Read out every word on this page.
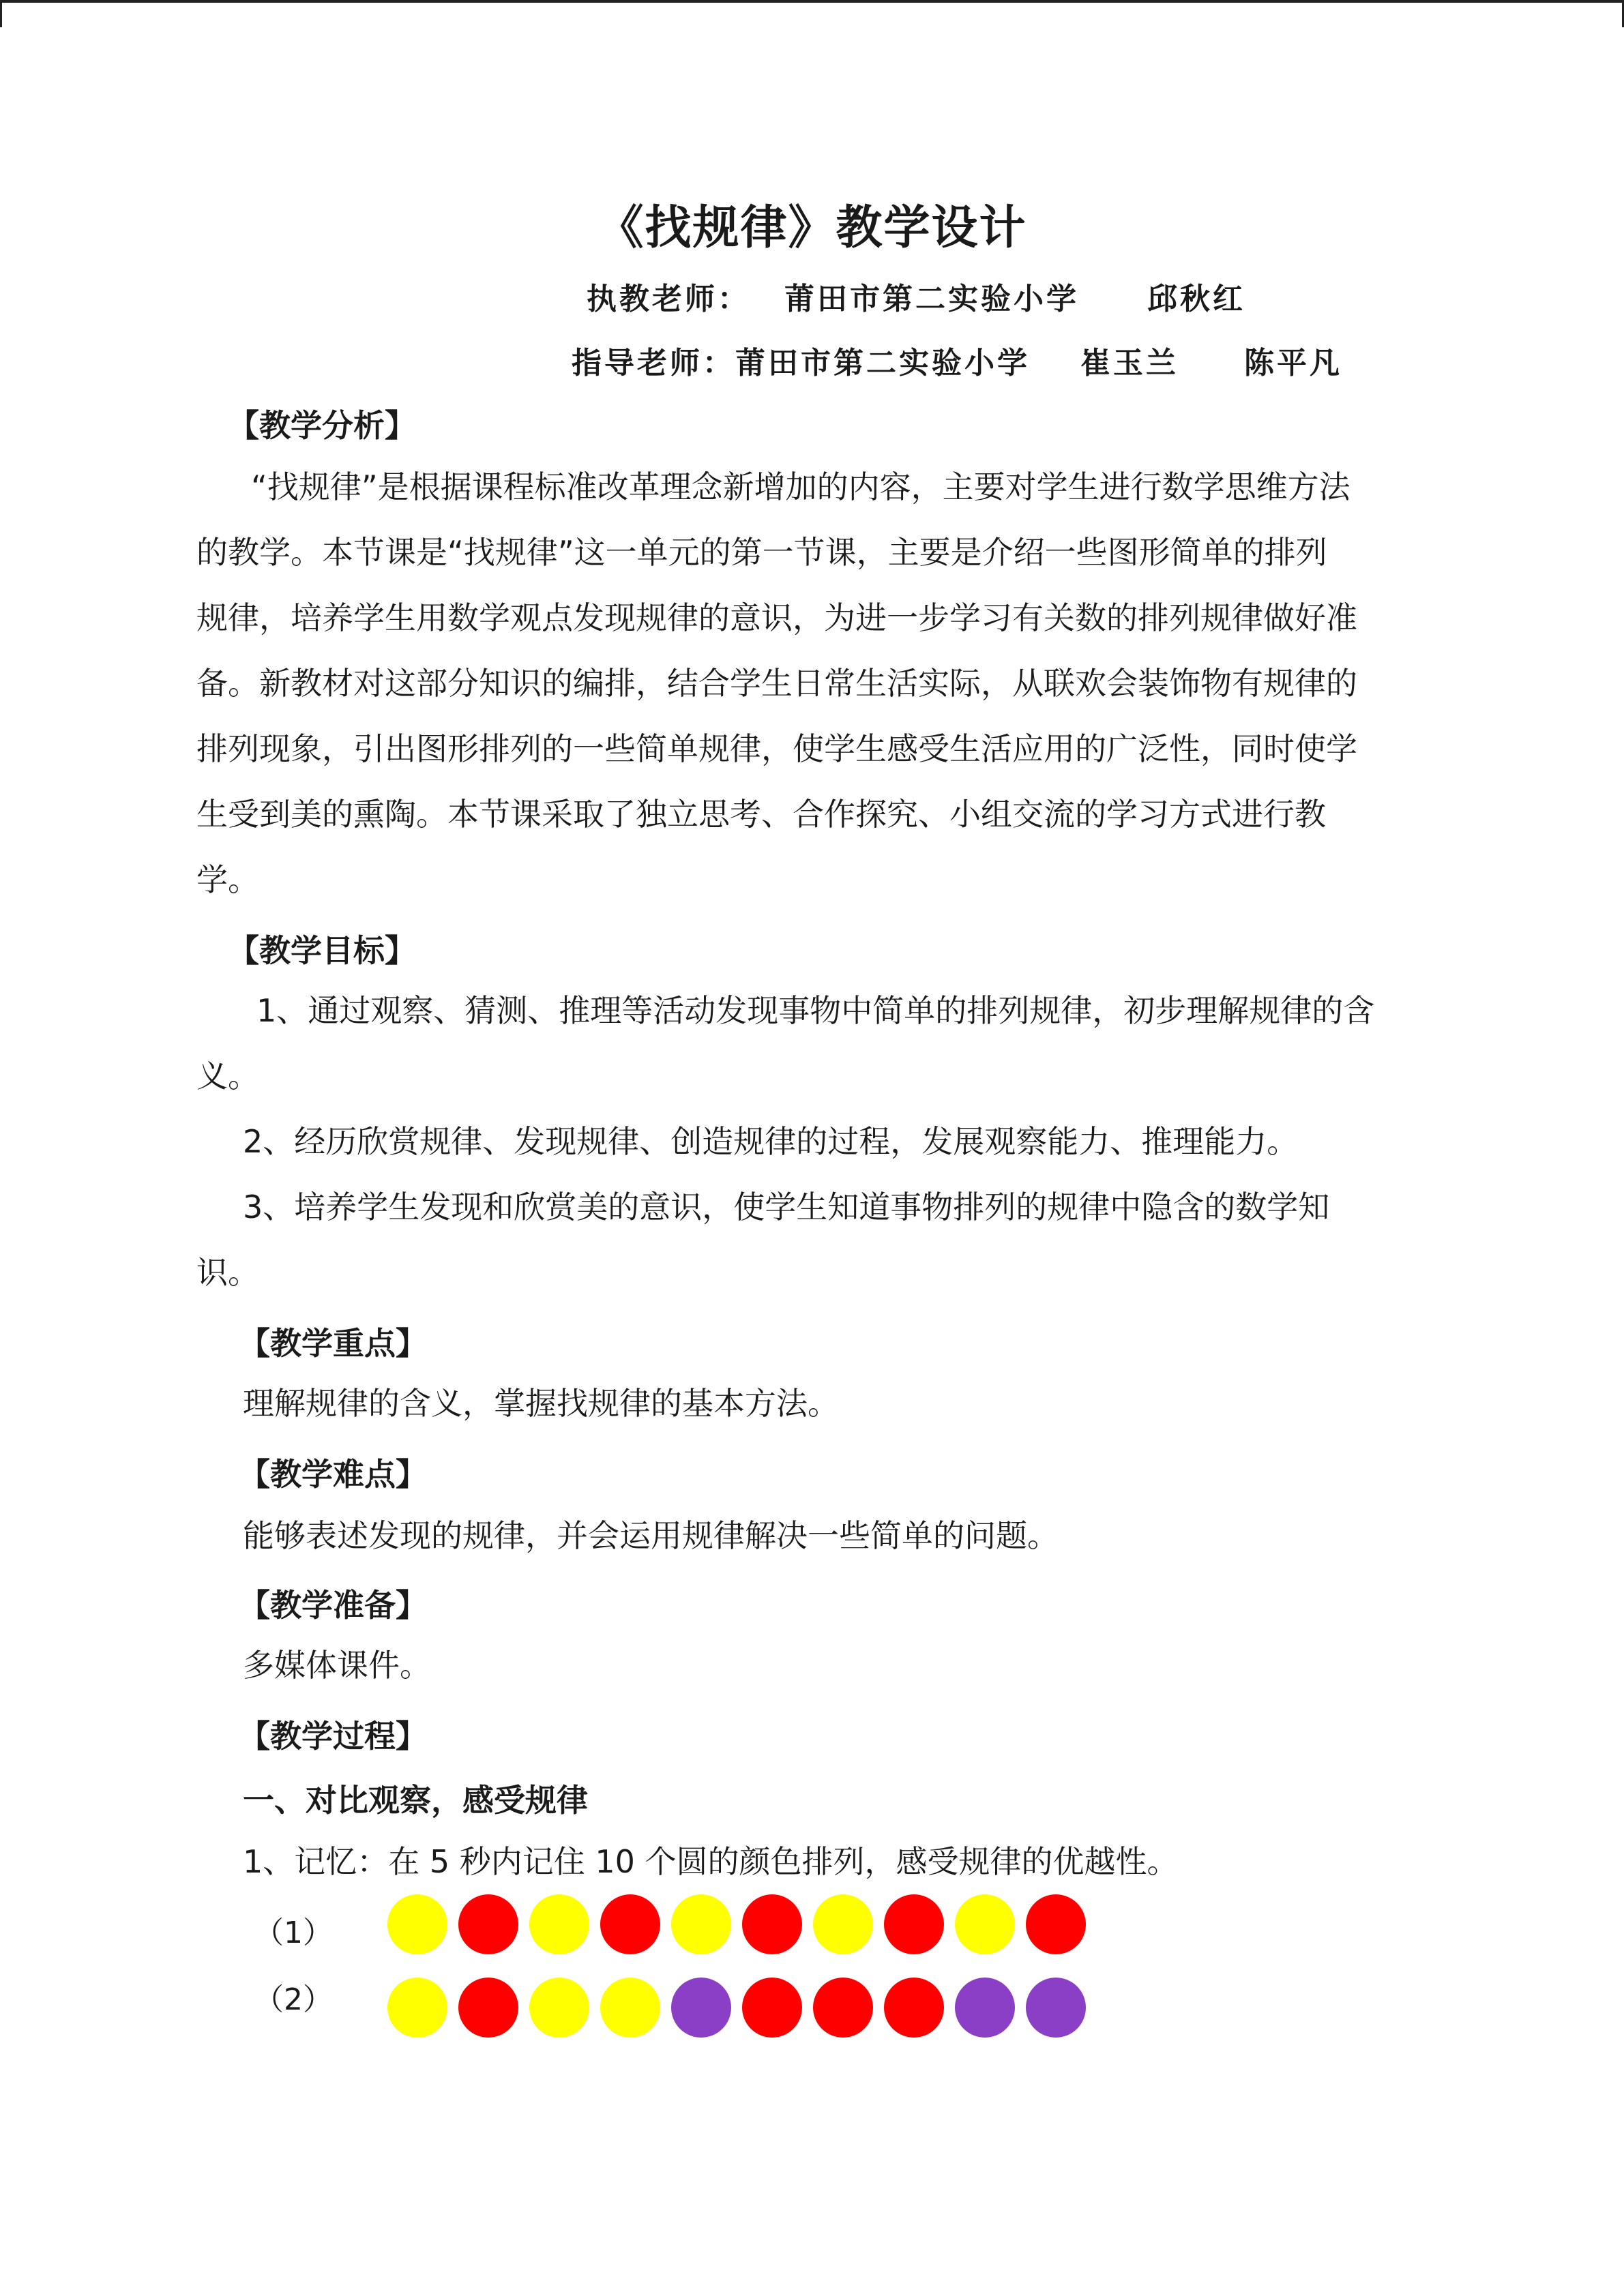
《找规律》教学设计
执教老师： 莆田市第二实验小学 邱秋红
指导老师：莆田市第二实验小学 崔玉兰 陈平凡
【教学分析】
“找规律”是根据课程标准改革理念新增加的内容，主要对学生进行数学思维方法
的教学。本节课是“找规律”这一单元的第一节课，主要是介绍一些图形简单的排列
规律，培养学生用数学观点发现规律的意识，为进一步学习有关数的排列规律做好准
备。新教材对这部分知识的编排，结合学生日常生活实际，从联欢会装饰物有规律的
排列现象，引出图形排列的一些简单规律，使学生感受生活应用的广泛性，同时使学
生受到美的熏陶。本节课采取了独立思考、合作探究、小组交流的学习方式进行教
学。
【教学目标】
1、通过观察、猜测、推理等活动发现事物中简单的排列规律，初步理解规律的含
义。
2、经历欣赏规律、发现规律、创造规律的过程，发展观察能力、推理能力。
3、培养学生发现和欣赏美的意识，使学生知道事物排列的规律中隐含的数学知
识。
【教学重点】
理解规律的含义，掌握找规律的基本方法。
【教学难点】
能够表述发现的规律，并会运用规律解决一些简单的问题。
【教学准备】
多媒体课件。
【教学过程】
一、对比观察，感受规律
1、记忆：在 5 秒内记住 10 个圆的颜色排列，感受规律的优越性。
（1）
（2）
